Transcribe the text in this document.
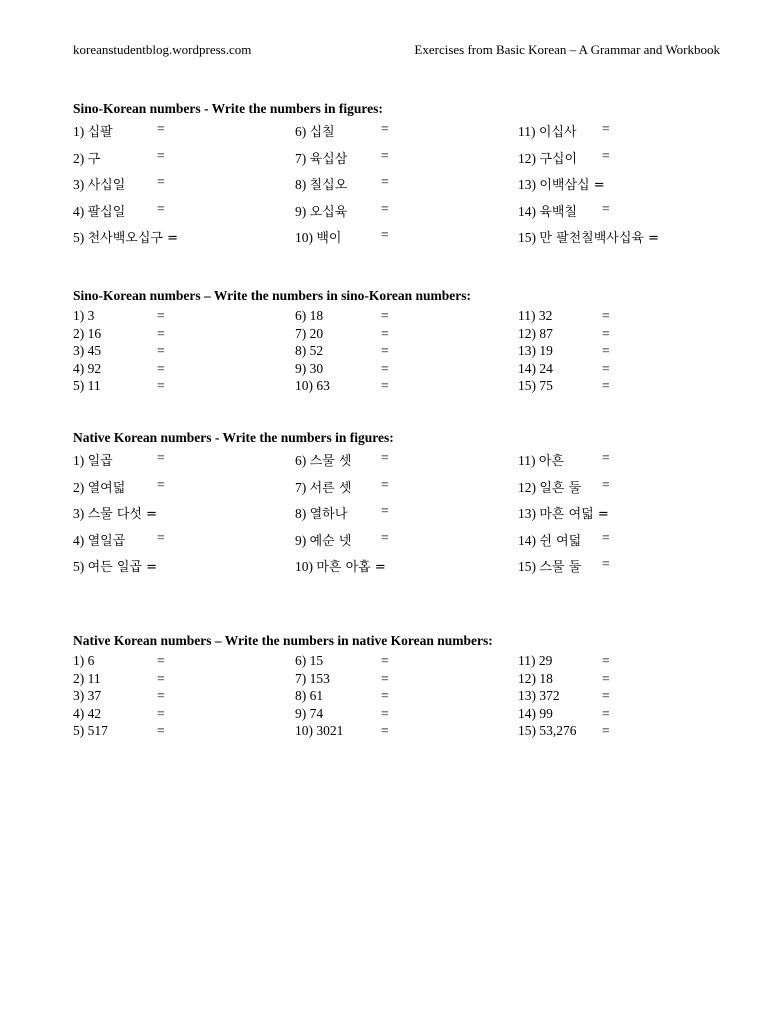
koreanstudentblog.wordpress.com	Exercises from Basic Korean – A Grammar and Workbook
Sino-Korean numbers - Write the numbers in figures:
1) 십팔	=	6) 십칠	=	11) 이십사 =
2) 구	=	7) 육십삼 =	12) 구십이 =
3) 사십일 =	8) 칠십오 =	13) 이백삼십 =
4) 팔십일 =	9) 오십육 =	14) 육백칠 =
5) 천사백오십구 =	10) 백이	=	15) 만 팔천칠백사십육 =
Sino-Korean numbers – Write the numbers in sino-Korean numbers:
1) 3	=	6) 18	=	11) 32	=
2) 16	=	7) 20	=	12) 87	=
3) 45	=	8) 52	=	13) 19	=
4) 92	=	9) 30	=	14) 24	=
5) 11	=	10) 63	=	15) 75	=
Native Korean numbers - Write the numbers in figures:
1) 일곱	=	6) 스물 셋 =	11) 아흔	=
2) 열여덟 =	7) 서른 셋 =	12) 일흔 둘 =
3) 스물 다섯 =	8) 열하나 =	13) 마흔 여덟 =
4) 열일곱 =	9) 예순 넷 =	14) 쉰 여덟 =
5) 여든 일곱 =	10) 마흔 아홉 =	15) 스물 둘 =
Native Korean numbers – Write the numbers in native Korean numbers:
1) 6	=	6) 15	=	11) 29	=
2) 11	=	7) 153	=	12) 18	=
3) 37	=	8) 61	=	13) 372	=
4) 42	=	9) 74	=	14) 99	=
5) 517	=	10) 3021	=	15) 53,276 =
